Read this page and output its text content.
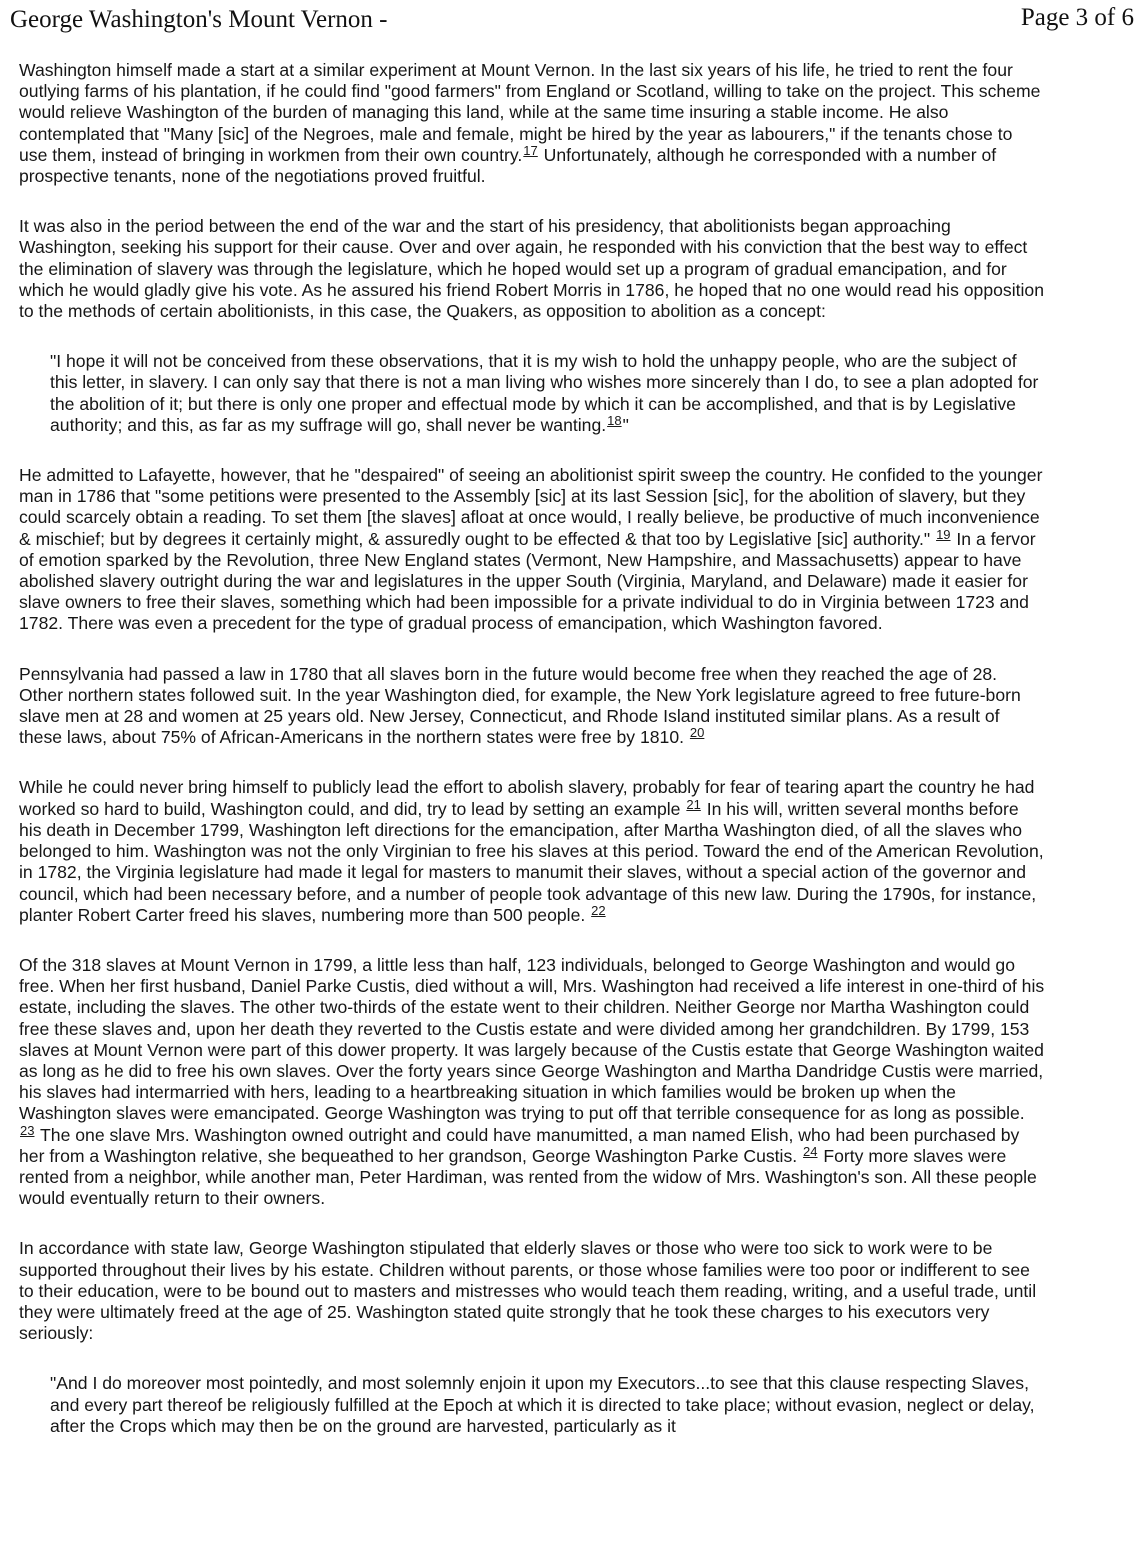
George Washington's Mount Vernon -	Page 3 of 6

Washington himself made a start at a similar experiment at Mount Vernon. In the last six years of his life, he tried to rent the four outlying farms of his plantation, if he could find "good farmers" from England or Scotland, willing to take on the project. This scheme would relieve Washington of the burden of managing this land, while at the same time insuring a stable income. He also contemplated that "Many [sic] of the Negroes, male and female, might be hired by the year as labourers," if the tenants chose to use them, instead of bringing in workmen from their own country.$^{17}$ Unfortunately, although he corresponded with a number of prospective tenants, none of the negotiations proved fruitful.

It was also in the period between the end of the war and the start of his presidency, that abolitionists began approaching Washington, seeking his support for their cause. Over and over again, he responded with his conviction that the best way to effect the elimination of slavery was through the legislature, which he hoped would set up a program of gradual emancipation, and for which he would gladly give his vote. As he assured his friend Robert Morris in 1786, he hoped that no one would read his opposition to the methods of certain abolitionists, in this case, the Quakers, as opposition to abolition as a concept:

"I hope it will not be conceived from these observations, that it is my wish to hold the unhappy people, who are the subject of this letter, in slavery. I can only say that there is not a man living who wishes more sincerely than I do, to see a plan adopted for the abolition of it; but there is only one proper and effectual mode by which it can be accomplished, and that is by Legislative authority; and this, as far as my suffrage will go, shall never be wanting.$^{18}$"

He admitted to Lafayette, however, that he "despaired" of seeing an abolitionist spirit sweep the country. He confided to the younger man in 1786 that "some petitions were presented to the Assembly [sic] at its last Session [sic], for the abolition of slavery, but they could scarcely obtain a reading. To set them [the slaves] afloat at once would, I really believe, be productive of much inconvenience & mischief; but by degrees it certainly might, & assuredly ought to be effected & that too by Legislative [sic] authority." $^{19}$ In a fervor of emotion sparked by the Revolution, three New England states (Vermont, New Hampshire, and Massachusetts) appear to have abolished slavery outright during the war and legislatures in the upper South (Virginia, Maryland, and Delaware) made it easier for slave owners to free their slaves, something which had been impossible for a private individual to do in Virginia between 1723 and 1782. There was even a precedent for the type of gradual process of emancipation, which Washington favored.

Pennsylvania had passed a law in 1780 that all slaves born in the future would become free when they reached the age of 28. Other northern states followed suit. In the year Washington died, for example, the New York legislature agreed to free future-born slave men at 28 and women at 25 years old. New Jersey, Connecticut, and Rhode Island instituted similar plans. As a result of these laws, about 75% of African-Americans in the northern states were free by 1810. $^{20}$

While he could never bring himself to publicly lead the effort to abolish slavery, probably for fear of tearing apart the country he had worked so hard to build, Washington could, and did, try to lead by setting an example $^{21}$ In his will, written several months before his death in December 1799, Washington left directions for the emancipation, after Martha Washington died, of all the slaves who belonged to him. Washington was not the only Virginian to free his slaves at this period. Toward the end of the American Revolution, in 1782, the Virginia legislature had made it legal for masters to manumit their slaves, without a special action of the governor and council, which had been necessary before, and a number of people took advantage of this new law. During the 1790s, for instance, planter Robert Carter freed his slaves, numbering more than 500 people. $^{22}$

Of the 318 slaves at Mount Vernon in 1799, a little less than half, 123 individuals, belonged to George Washington and would go free. When her first husband, Daniel Parke Custis, died without a will, Mrs. Washington had received a life interest in one-third of his estate, including the slaves. The other two-thirds of the estate went to their children. Neither George nor Martha Washington could free these slaves and, upon her death they reverted to the Custis estate and were divided among her grandchildren. By 1799, 153 slaves at Mount Vernon were part of this dower property. It was largely because of the Custis estate that George Washington waited as long as he did to free his own slaves. Over the forty years since George Washington and Martha Dandridge Custis were married, his slaves had intermarried with hers, leading to a heartbreaking situation in which families would be broken up when the Washington slaves were emancipated. George Washington was trying to put off that terrible consequence for as long as possible. $^{23}$ The one slave Mrs. Washington owned outright and could have manumitted, a man named Elish, who had been purchased by her from a Washington relative, she bequeathed to her grandson, George Washington Parke Custis. $^{24}$ Forty more slaves were rented from a neighbor, while another man, Peter Hardiman, was rented from the widow of Mrs. Washington's son. All these people would eventually return to their owners.

In accordance with state law, George Washington stipulated that elderly slaves or those who were too sick to work were to be supported throughout their lives by his estate. Children without parents, or those whose families were too poor or indifferent to see to their education, were to be bound out to masters and mistresses who would teach them reading, writing, and a useful trade, until they were ultimately freed at the age of 25. Washington stated quite strongly that he took these charges to his executors very seriously:

"And I do moreover most pointedly, and most solemnly enjoin it upon my Executors...to see that this clause respecting Slaves, and every part thereof be religiously fulfilled at the Epoch at which it is directed to take place; without evasion, neglect or delay, after the Crops which may then be on the ground are harvested, particularly as it
